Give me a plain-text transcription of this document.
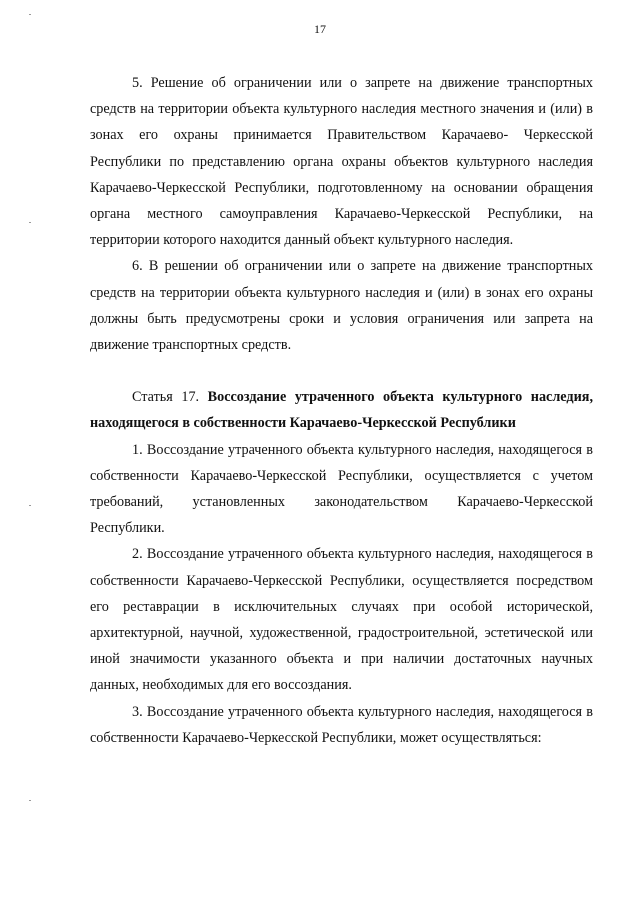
17

5. Решение об ограничении или о запрете на движение транспортных средств на территории объекта культурного наследия местного значения и (или) в зонах его охраны принимается Правительством Карачаево- Черкесской Республики по представлению органа охраны объектов культурного наследия Карачаево-Черкесской Республики, подготовленному на основании обращения органа местного самоуправления Карачаево-Черкесской Республики, на территории которого находится данный объект культурного наследия.

6. В решении об ограничении или о запрете на движение транспортных средств на территории объекта культурного наследия и (или) в зонах его охраны должны быть предусмотрены сроки и условия ограничения или запрета на движение транспортных средств.

Статья 17. Воссоздание утраченного объекта культурного наследия, находящегося в собственности Карачаево-Черкесской Республики

1. Воссоздание утраченного объекта культурного наследия, находящегося в собственности Карачаево-Черкесской Республики, осуществляется с учетом требований, установленных законодательством Карачаево-Черкесской Республики.

2. Воссоздание утраченного объекта культурного наследия, находящегося в собственности Карачаево-Черкесской Республики, осуществляется посредством его реставрации в исключительных случаях при особой исторической, архитектурной, научной, художественной, градостроительной, эстетической или иной значимости указанного объекта и при наличии достаточных научных данных, необходимых для его воссоздания.

3. Воссоздание утраченного объекта культурного наследия, находящегося в собственности Карачаево-Черкесской Республики, может осуществляться:
